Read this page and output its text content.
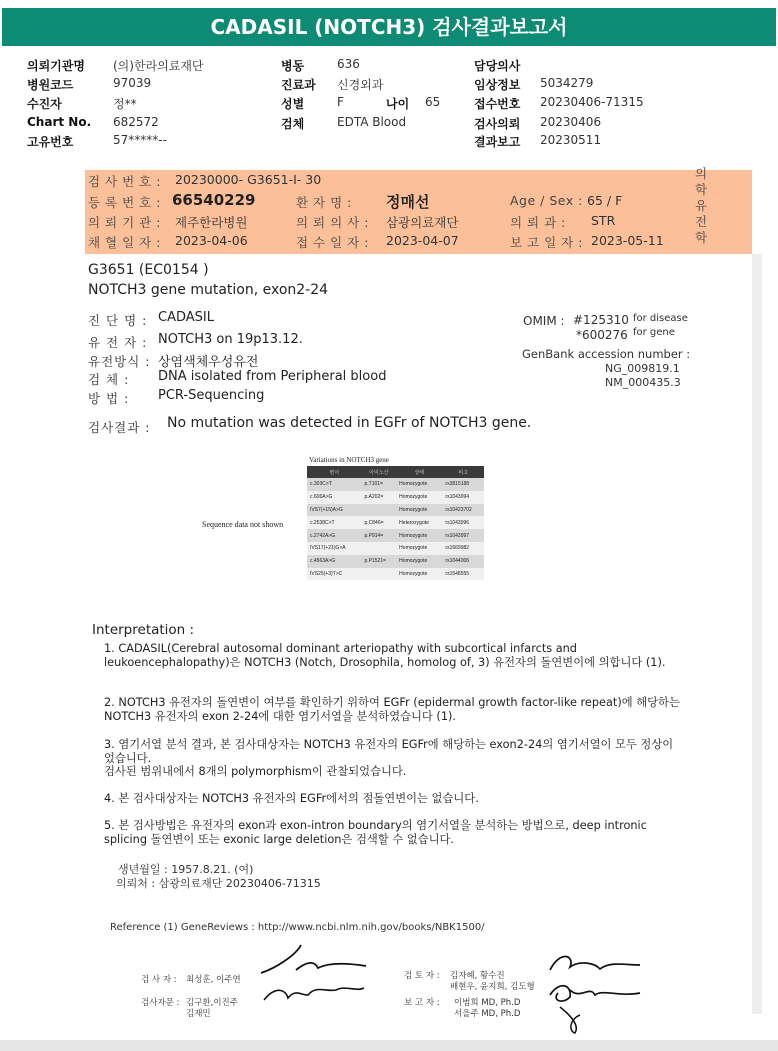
CADASIL (NOTCH3) 검사결과보고서
의뢰기관명 (의)한라의료재단
병원코드	97039
수진자	정**
Chart No. 682572
고유번호	57*****--
병동	636
진료과 신경외과
성별	F	나이 65
검체	EDTA Blood
담당의사
임상정보 5034279
접수번호 20230406-71315
검사의뢰 20230406
결과보고 20230511
의
학
유
전
학
검 사 번 호 : 20230000- G3651-I- 30
등 록 번 호 : 66540229	환 자 명 : 정매선	Age / Sex : 65 / F
의 뢰 기 관 : 제주한라병원	의 뢰 의 사 : 삼광의료재단	의 뢰 과 : STR
채 혈 일 자 : 2023-04-06	접 수 일 자 : 2023-04-07	보 고 일 자 : 2023-05-11
G3651 (EC0154 )
NOTCH3 gene mutation, exon2-24
진 단 명 : CADASIL
유 전 자 : NOTCH3 on 19p13.12.
유전방식 : 상염색체우성유전
검 체 : DNA isolated from Peripheral blood
방 법 : PCR-Sequencing
OMIM : #125310 for disease
*600276 for gene
GenBank accession number :
NG_009819.1
NM_000435.3
검사결과 : No mutation was detected in EGFr of NOTCH3 gene.
Variations in NOTCH3 gene
변이	아미노산	상태	비고
c.303C>T	p.T101=	Homozygote	rs3815188
c.606A>G	p.A202=	Homozygote	rs1043994
IVS7(+15)A>G		Homozygote	rs10423702
c.2538C>T	p.C846=	Heterozygote	rs1043996
c.2742A>G	p.P914=	Homozygote	rs1043997
IVS17(+21)G>A		Homozygote	rs1669982
c.4563A>G	p.P1521=	Homozygote	rs1044006
IVS25(+3)T>C		Homozygote	rs1548555
Sequence data not shown
Interpretation :
1. CADASIL(Cerebral autosomal dominant arteriopathy with subcortical infarcts and leukoencephalopathy)은 NOTCH3 (Notch, Drosophila, homolog of, 3) 유전자의 돌연변이에 의합니다 (1).
2. NOTCH3 유전자의 돌연변이 여부를 확인하기 위하여 EGFr (epidermal growth factor-like repeat)에 해당하는 NOTCH3 유전자의 exon 2-24에 대한 염기서열을 분석하였습니다 (1).
3. 염기서열 분석 결과, 본 검사대상자는 NOTCH3 유전자의 EGFr에 해당하는 exon2-24의 염기서열이 모두 정상이었습니다.
검사된 범위내에서 8개의 polymorphism이 관찰되었습니다.
4. 본 검사대상자는 NOTCH3 유전자의 EGFr에서의 점돌연변이는 없습니다.
5. 본 검사방법은 유전자의 exon과 exon-intron boundary의 염기서열을 분석하는 방법으로, deep intronic splicing 돌연변이 또는 exonic large deletion은 검색할 수 없습니다.
생년월일 : 1957.8.21. (여)
의뢰처 : 삼광의료재단 20230406-71315
Reference (1) GeneReviews : http://www.ncbi.nlm.nih.gov/books/NBK1500/
검 사 자 : 최성훈, 이주연
검사자문 : 김구환,이진주
김재민
검 토 자 : 김자혜, 황수진
배현우, 윤지희, 김도형
보 고 자 : 이범희 MD, Ph.D
서을주 MD, Ph.D
